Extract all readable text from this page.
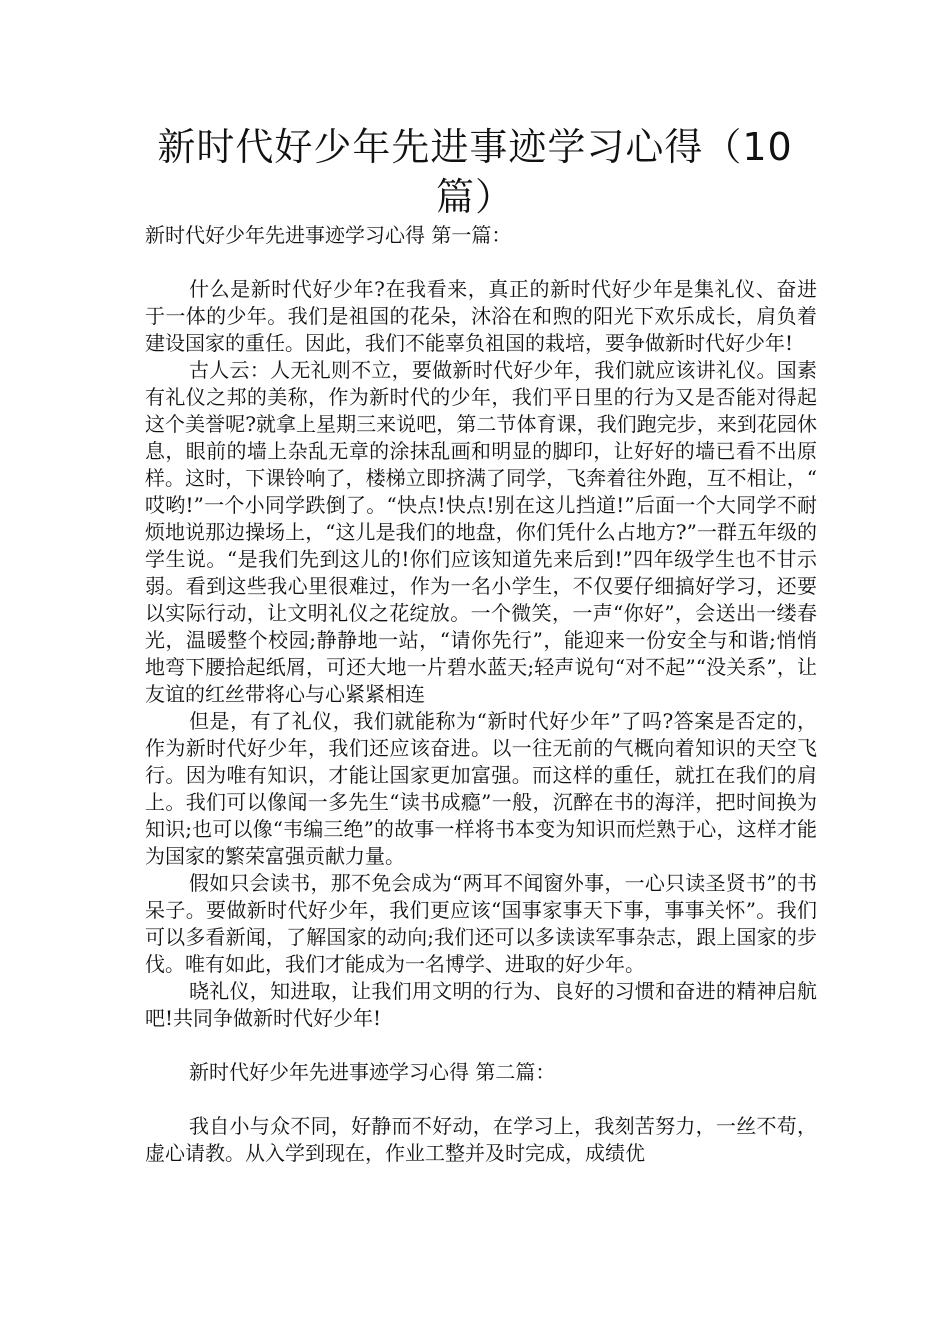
新时代好少年先进事迹学习心得（10篇）
新时代好少年先进事迹学习心得 第一篇：

什么是新时代好少年?在我看来，真正的新时代好少年是集礼仪、奋进于一体的少年。我们是祖国的花朵，沐浴在和煦的阳光下欢乐成长，肩负着建设国家的重任。因此，我们不能辜负祖国的栽培，要争做新时代好少年!

古人云：人无礼则不立，要做新时代好少年，我们就应该讲礼仪。国素有礼仪之邦的美称，作为新时代的少年，我们平日里的行为又是否能对得起这个美誉呢?就拿上星期三来说吧，第二节体育课，我们跑完步，来到花园休息，眼前的墙上杂乱无章的涂抹乱画和明显的脚印，让好好的墙已看不出原样。这时，下课铃响了，楼梯立即挤满了同学，飞奔着往外跑，互不相让，“哎哟!”一个小同学跌倒了。“快点!快点!别在这儿挡道!”后面一个大同学不耐烦地说那边操场上，“这儿是我们的地盘，你们凭什么占地方?”一群五年级的学生说。“是我们先到这儿的!你们应该知道先来后到!”四年级学生也不甘示弱。看到这些我心里很难过，作为一名小学生，不仅要仔细搞好学习，还要以实际行动，让文明礼仪之花绽放。一个微笑，一声“你好”，会送出一缕春光，温暖整个校园;静静地一站，“请你先行”，能迎来一份安全与和谐;悄悄地弯下腰拾起纸屑，可还大地一片碧水蓝天;轻声说句“对不起”“没关系”，让友谊的红丝带将心与心紧紧相连

但是，有了礼仪，我们就能称为“新时代好少年”了吗?答案是否定的，作为新时代好少年，我们还应该奋进。以一往无前的气概向着知识的天空飞行。因为唯有知识，才能让国家更加富强。而这样的重任，就扛在我们的肩上。我们可以像闻一多先生“读书成瘾”一般，沉醉在书的海洋，把时间换为知识;也可以像“韦编三绝”的故事一样将书本变为知识而烂熟于心，这样才能为国家的繁荣富强贡献力量。

假如只会读书，那不免会成为“两耳不闻窗外事，一心只读圣贤书”的书呆子。要做新时代好少年，我们更应该“国事家事天下事，事事关怀”。我们可以多看新闻，了解国家的动向;我们还可以多读读军事杂志，跟上国家的步伐。唯有如此，我们才能成为一名博学、进取的好少年。

晓礼仪，知进取，让我们用文明的行为、良好的习惯和奋进的精神启航吧!共同争做新时代好少年!

新时代好少年先进事迹学习心得 第二篇：

我自小与众不同，好静而不好动，在学习上，我刻苦努力，一丝不苟，虚心请教。从入学到现在，作业工整并及时完成，成绩优
